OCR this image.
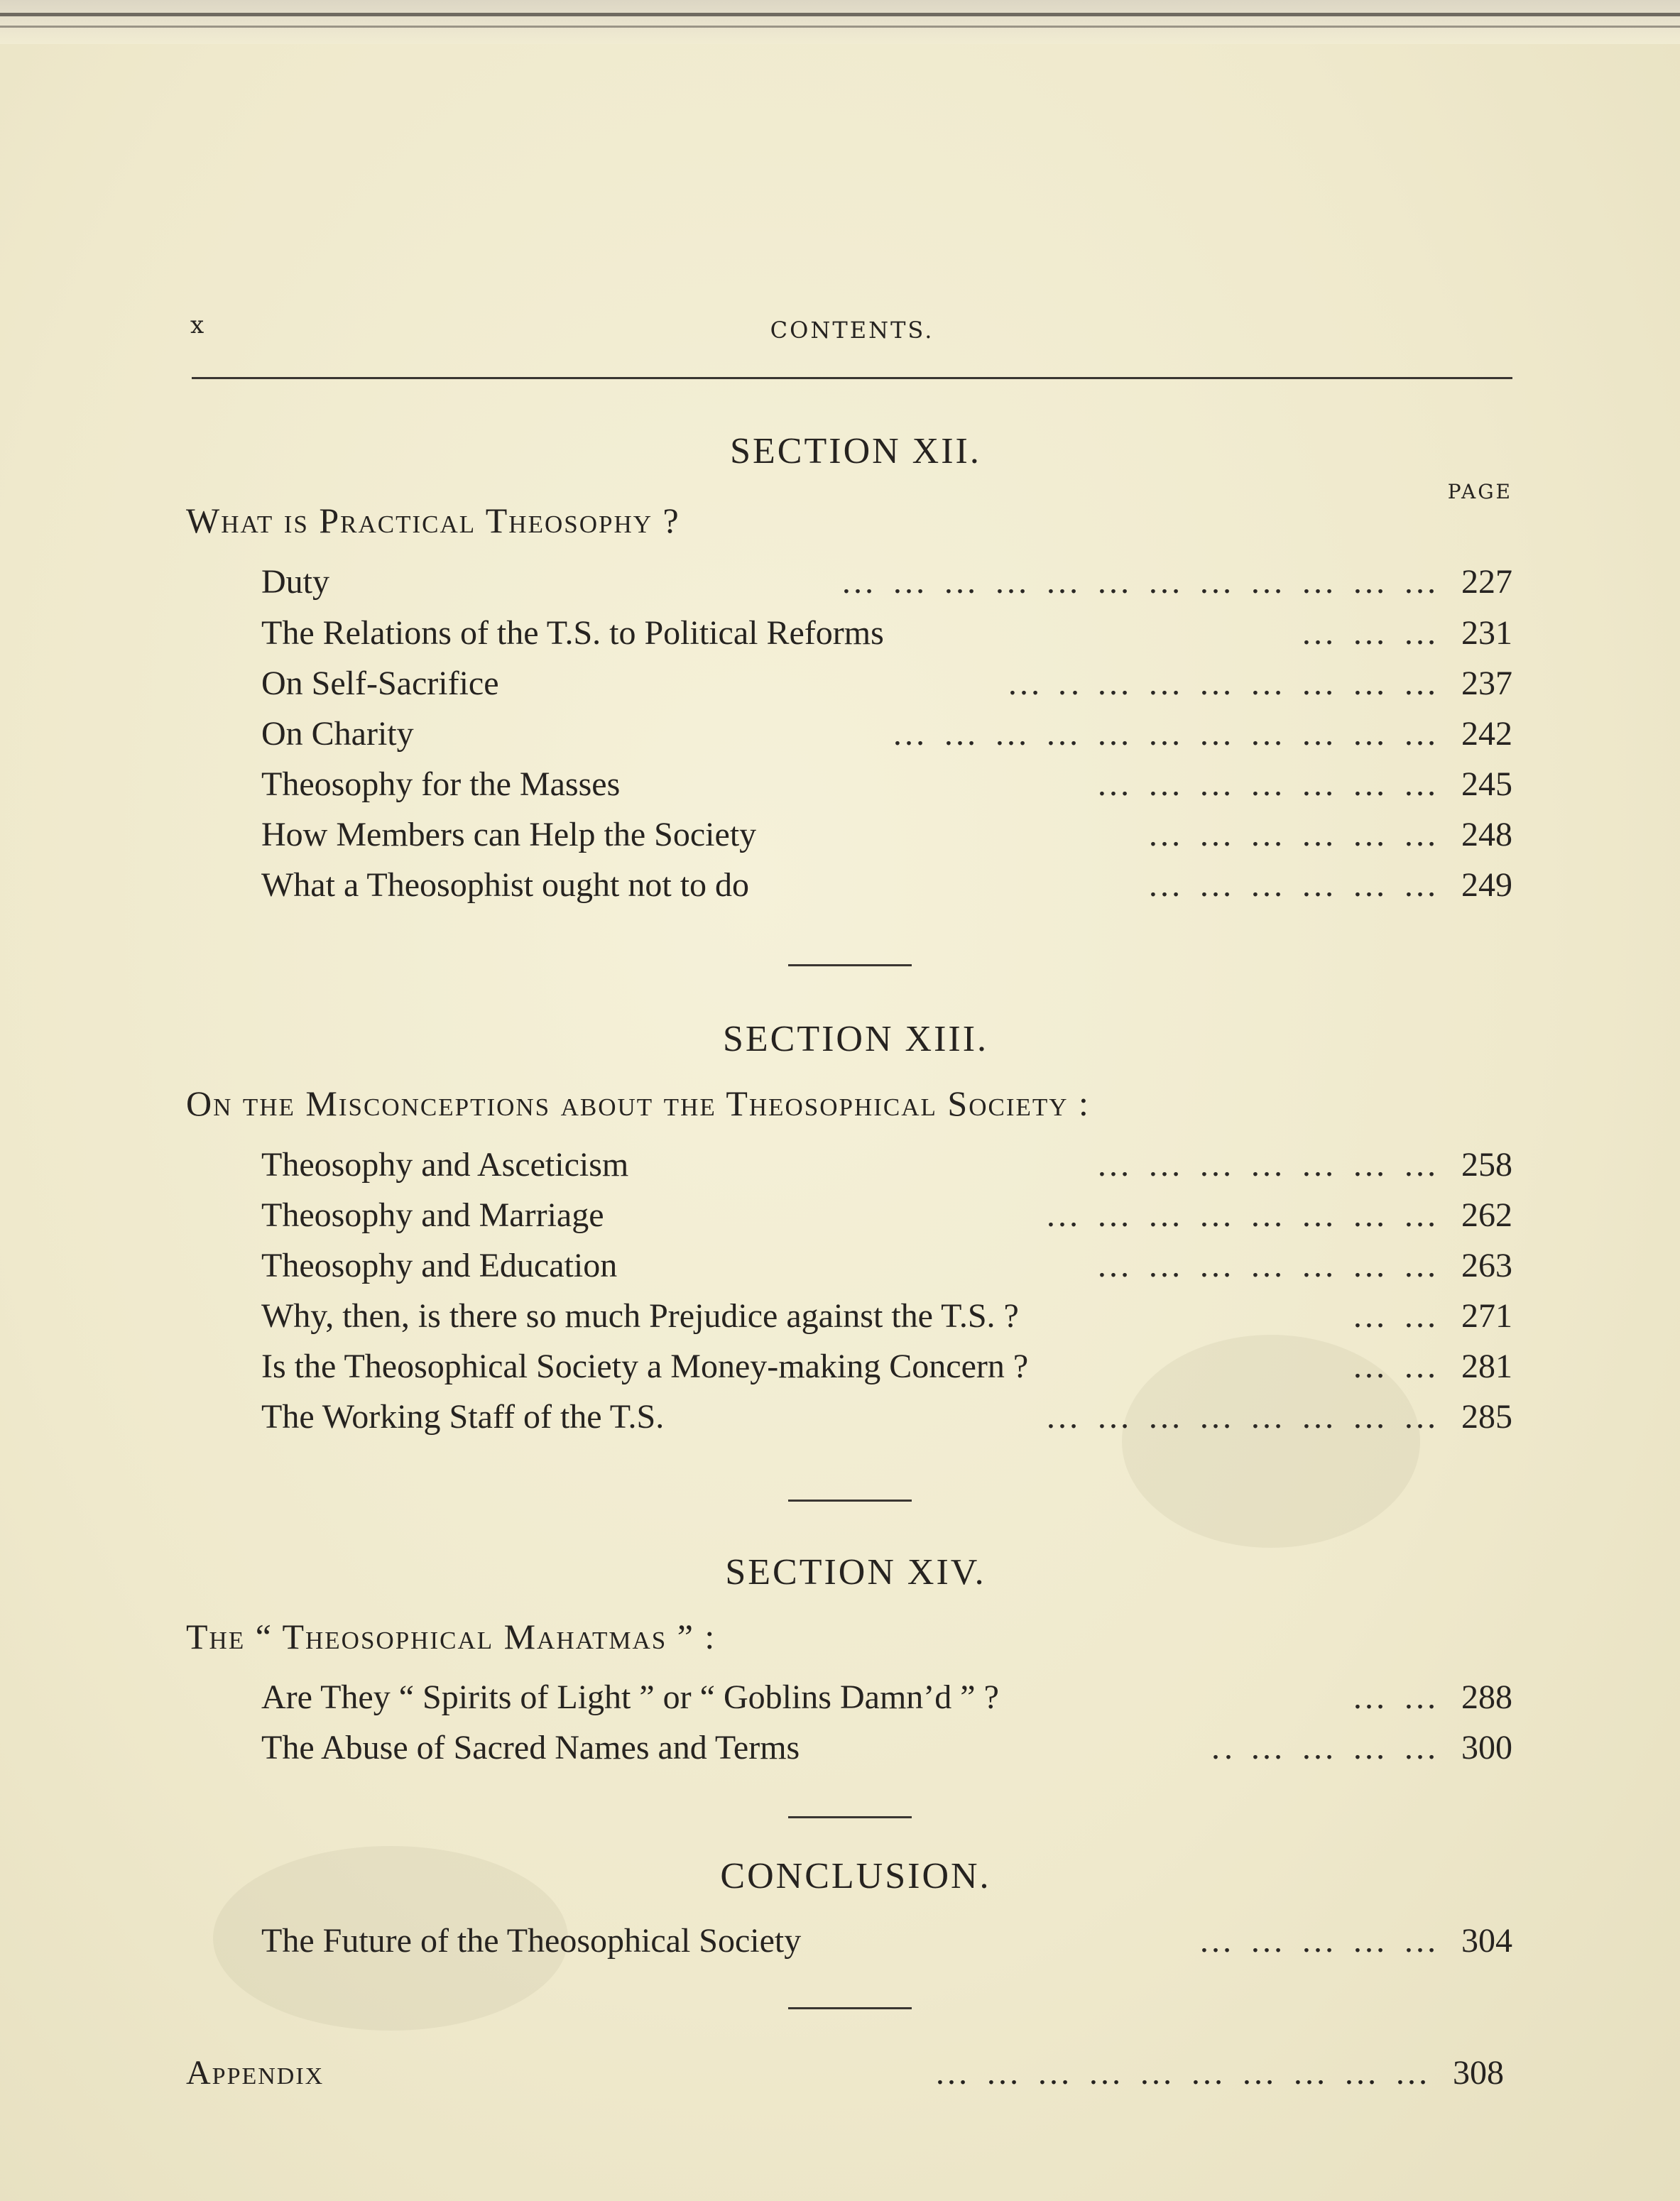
x	CONTENTS.
SECTION XII.
PAGE
What is Practical Theosophy ?
… … … … … … … … … … … …
Duty	227
… … …
The Relations of the T.S. to Political Reforms	231
… .. … … … … … … …
On Self-Sacrifice	237
… … … … … … … … … … …
On Charity	242
… … … … … … …
Theosophy for the Masses	245
… … … … … …
How Members can Help the Society	248
… … … … … …
What a Theosophist ought not to do	249
SECTION XIII.
On the Misconceptions about the Theosophical Society :
… … … … … … …
Theosophy and Asceticism	258
… … … … … … … …
Theosophy and Marriage	262
… … … … … … …
Theosophy and Education	263
… …
Why, then, is there so much Prejudice against the T.S. ?	271
… …
Is the Theosophical Society a Money-making Concern ?	281
… … … … … … … …
The Working Staff of the T.S.	285
SECTION XIV.
The “ Theosophical Mahatmas ” :
… …
Are They “ Spirits of Light ” or “ Goblins Damn’d ” ?	288
.. … … … …
The Abuse of Sacred Names and Terms	300
CONCLUSION.
… … … … …
The Future of the Theosophical Society	304
Appendix	… … … … … … … … … … 308
